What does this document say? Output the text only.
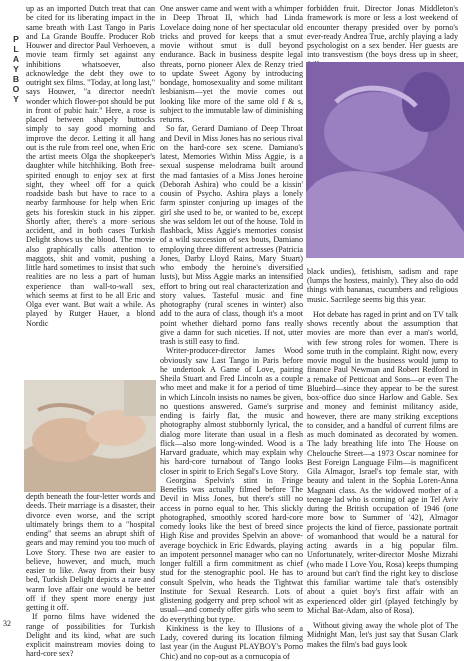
PLAYBOY

up as an imported Dutch treat that can be cited for its liberating impact in the same breath with Last Tango in Paris and La Grande Bouffe. Producer Rob Houwer and director Paul Verhoeven, a movie team firmly set against any inhibitions whatsoever, also acknowledge the debt they owe to outright sex films. "Today, at long last," says Houwer, "a director needn't wonder which flower-pot should be put in front of pubic hair." Here, a rose is placed between shapely buttocks simply to say good morning and improve the decor. Letting it all hang out is the rule from reel one, when Eric the artist meets Olga the shopkeeper's daughter while hitchhiking. Both free-spirited enough to enjoy sex at first sight, they wheel off for a quick roadside bash but have to race to a nearby farmhouse for help when Eric gets his foreskin stuck in his zipper. Shortly after, there's a more serious accident, and in both cases Turkish Delight shows us the blood. The movie also graphically calls attention to maggots, shit and vomit, pushing a little hard sometimes to insist that such realities are no less a part of human experience than wall-to-wall sex, which seems at first to be all Eric and Olga ever want. But wait a while. As played by Rutger Hauer, a blond Nordic

depth beneath the four-letter words and deeds. Their marriage is a disaster, their divorce even worse, and the script ultimately brings them to a "hospital ending" that seems an abrupt shift of gears and may remind you too much of Love Story. These two are easier to believe, however, and much, much easier to like. Away from their busy bed, Turkish Delight depicts a rare and warm love affair one would be better off if they spent more energy just getting it off.

If porno films have widened the range of possibilities for Turkish Delight and its kind, what are such explicit mainstream movies doing to hard-core sex?

One answer came and went with a whimper in Deep Throat II, which had Linda Lovelace doing none of her spectacular old tricks and proved for keeps that a smut movie without smut is dull beyond endurance. Back in business despite legal threats, porno pioneer Alex de Renzy tried to update Sweet Agony by introducing bondage, homosexuality and some militant lesbianism—yet the movie comes out looking like more of the same old f & s, subject to the immutable law of diminishing returns.

So far, Gerard Damiano of Deep Throat and Devil in Miss Jones has no serious rival on the hard-core sex scene. Damiano's latest, Memories Within Miss Aggie, is a sexual suspense melodrama built around the mad fantasies of a Miss Jones heroine (Deborah Ashira) who could be a kissin' cousin of Psycho. Ashira plays a lonely farm spinster conjuring up images of the girl she used to be, or wanted to be, except she was seldom let out of the house. Told in flashback, Miss Aggie's memories consist of a wild succession of sex bouts, Damiano employing three different actresses (Patricia Jones, Darby Lloyd Rains, Mary Stuart) who embody the heroine's diversified lusts), but Miss Aggie marks an intensified effort to bring out real characterization and story values. Tasteful music and fine photography (rural scenes in winter) also add to the aura of class, though it's a moot point whether diehard porno fans really give a damn for such niceties. If not, utter trash is still easy to find.

Writer-producer-director James Wood obviously saw Last Tango in Paris before he undertook A Game of Love, pairing Sheila Stuart and Fred Lincoln as a couple who meet and make it for a period of time in which Lincoln insists no names be given, no questions answered. Game's surprise ending is fairly flat, the music and photography almost stubbornly lyrical, the dialog more literate than usual in a flesh flick—also more long-winded. Wood is a Harvard graduate, which may explain why his hard-core turnabout of Tango looks closer in spirit to Erich Segal's Love Story.

Georgina Spelvin's stint in Fringe Benefits was actually filmed before The Devil in Miss Jones, but there's still no access in porno equal to her. This slickly photographed, smoothly scored hard-core comedy looks like the best of breed since High Rise and provides Spelvin an above-average boychick in Eric Edwards, playing an impotent personnel manager who can no longer fulfill a firm commitment as chief stud for the stenographic pool. He has to consult Spelvin, who heads the Tightwat Institute for Sexual Research. Lots of glistening godgerry and prep school wit as usual—and comedy offer girls who seem to do everything but type.

Kinkiness is the key to Illusions of a Lady, covered during its location filming last year (in the August PLAYBOY's Porno Chic) and no cop-out as a cornucopia of

forbidden fruit. Director Jonas Middleton's framework is more or less a lost weekend of encounter therapy presided over by porno's ever-ready Andrea True, archly playing a lady psychologist on a sex bender. Her guests are into transvestism (the boys dress up in sheer,

black undies), fetishism, sadism and rape (lumps the hostess, mainly). They also do odd things with bananas, cucumbers and religious music. Sacrilege seems big this year.

Hot debate has raged in print and on TV talk shows recently about the assumption that movies are more than ever a man's world, with few strong roles for women. There is some truth in the complaint. Right now, every movie mogul in the business would jump to finance Paul Newman and Robert Redford in a remake of Petticoat and Sons—or even The Bluebird—since they appear to be the surest box-office duo since Harlow and Gable. Sex and money and feminist militancy aside, however, there are many striking exceptions to consider, and a handful of current films are as much dominated as decorated by women. The lady breathing life into The House on Chelouche Street—a 1973 Oscar nominee for Best Foreign Language Film—is magnificent Gila Almagor, Israel's top female star, with beauty and talent in the Sophia Loren-Anna Magnani class. As the widowed mother of a teenage lad who is coming of age in Tel Aviv during the British occupation of 1946 (one more bow to Summer of '42), Almagor projects the kind of fierce, passionate portrait of womanhood that would be a natural for acting awards in a big popular film. Unfortunately, writer-director Moshe Mizrahi (who made I Love You, Rosa) keeps thumping around but can't find the right key to disclose this familiar wartime tale that's ostensibly about a quiet boy's first affair with an experienced older girl (played fetchingly by Michal Bat-Adam, also of Rosa).

Without giving away the whole plot of The Midnight Man, let's just say that Susan Clark makes the film's bad guys look

32
